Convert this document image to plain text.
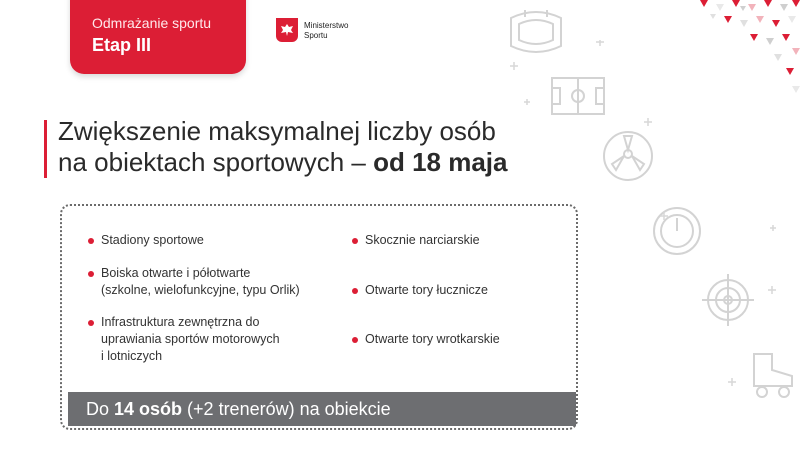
Odmrażanie sportu
Etap III
Ministerstwo
Sportu
Zwiększenie maksymalnej liczby osób
na obiektach sportowych – od 18 maja
Stadiony sportowe
Boiska otwarte i półotwarte
(szkolne, wielofunkcyjne, typu Orlik)
Infrastruktura zewnętrzna do
uprawiania sportów motorowych
i lotniczych
Skocznie narciarskie
Otwarte tory łucznicze
Otwarte tory wrotkarskie
Do 14 osób (+2 trenerów) na obiekcie
